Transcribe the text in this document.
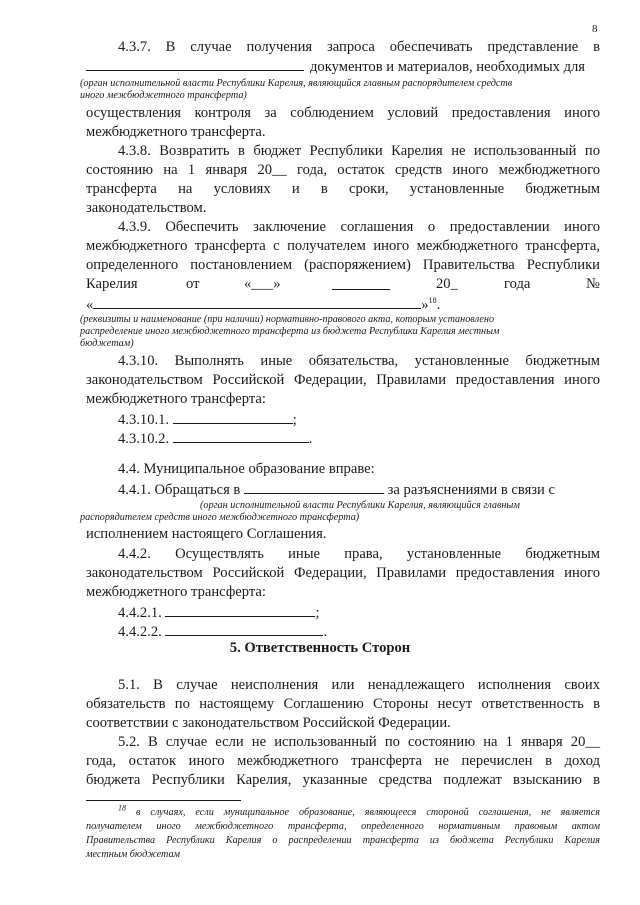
8
4.3.7. В случае получения запроса обеспечивать представление в
документов и материалов, необходимых для
(орган исполнительной власти Республики Карелия, являющийся главным распорядителем средств
иного межбюджетного трансферта)
осуществления контроля за соблюдением условий предоставления иного
межбюджетного трансферта.
4.3.8. Возвратить в бюджет Республики Карелия не использованный по
состоянию на 1 января 20__ года, остаток средств иного межбюджетного
трансферта на условиях и в сроки, установленные бюджетным
законодательством.
4.3.9. Обеспечить заключение соглашения о предоставлении иного
межбюджетного трансферта с получателем иного межбюджетного трансферта,
определенного постановлением (распоряжением) Правительства Республики
Карелия	от	«___»	20_	года	№
«	»$^{18}$.
(реквизиты и наименование (при наличии) нормативно-правового акта, которым установлено
распределение иного межбюджетного трансферта из бюджета Республики Карелия местным
бюджетам)
4.3.10. Выполнять иные обязательства, установленные бюджетным
законодательством Российской Федерации, Правилами предоставления иного
межбюджетного трансферта:
4.3.10.1.	;
4.3.10.2.	.
4.4. Муниципальное образование вправе:
4.4.1. Обращаться в	за разъяснениями в связи с
(орган исполнительной власти Республики Карелия, являющийся главным
распорядителем средств иного межбюджетного трансферта)
исполнением настоящего Соглашения.
4.4.2. Осуществлять иные права, установленные бюджетным
законодательством Российской Федерации, Правилами предоставления иного
межбюджетного трансферта:
4.4.2.1.	;
4.4.2.2.	.
5. Ответственность Сторон
5.1. В случае неисполнения или ненадлежащего исполнения своих
обязательств по настоящему Соглашению Стороны несут ответственность в
соответствии с законодательством Российской Федерации.
5.2. В случае если не использованный по состоянию на 1 января 20__
года, остаток иного межбюджетного трансферта не перечислен в доход
бюджета Республики Карелия, указанные средства подлежат взысканию в
$^{18}$ в случаях, если муниципальное образование, являющееся стороной соглашения, не является
получателем иного межбюджетного трансферта, определенного нормативным правовым актом
Правительства Республики Карелия о распределении трансферта из бюджета Республики Карелия
местным бюджетам
